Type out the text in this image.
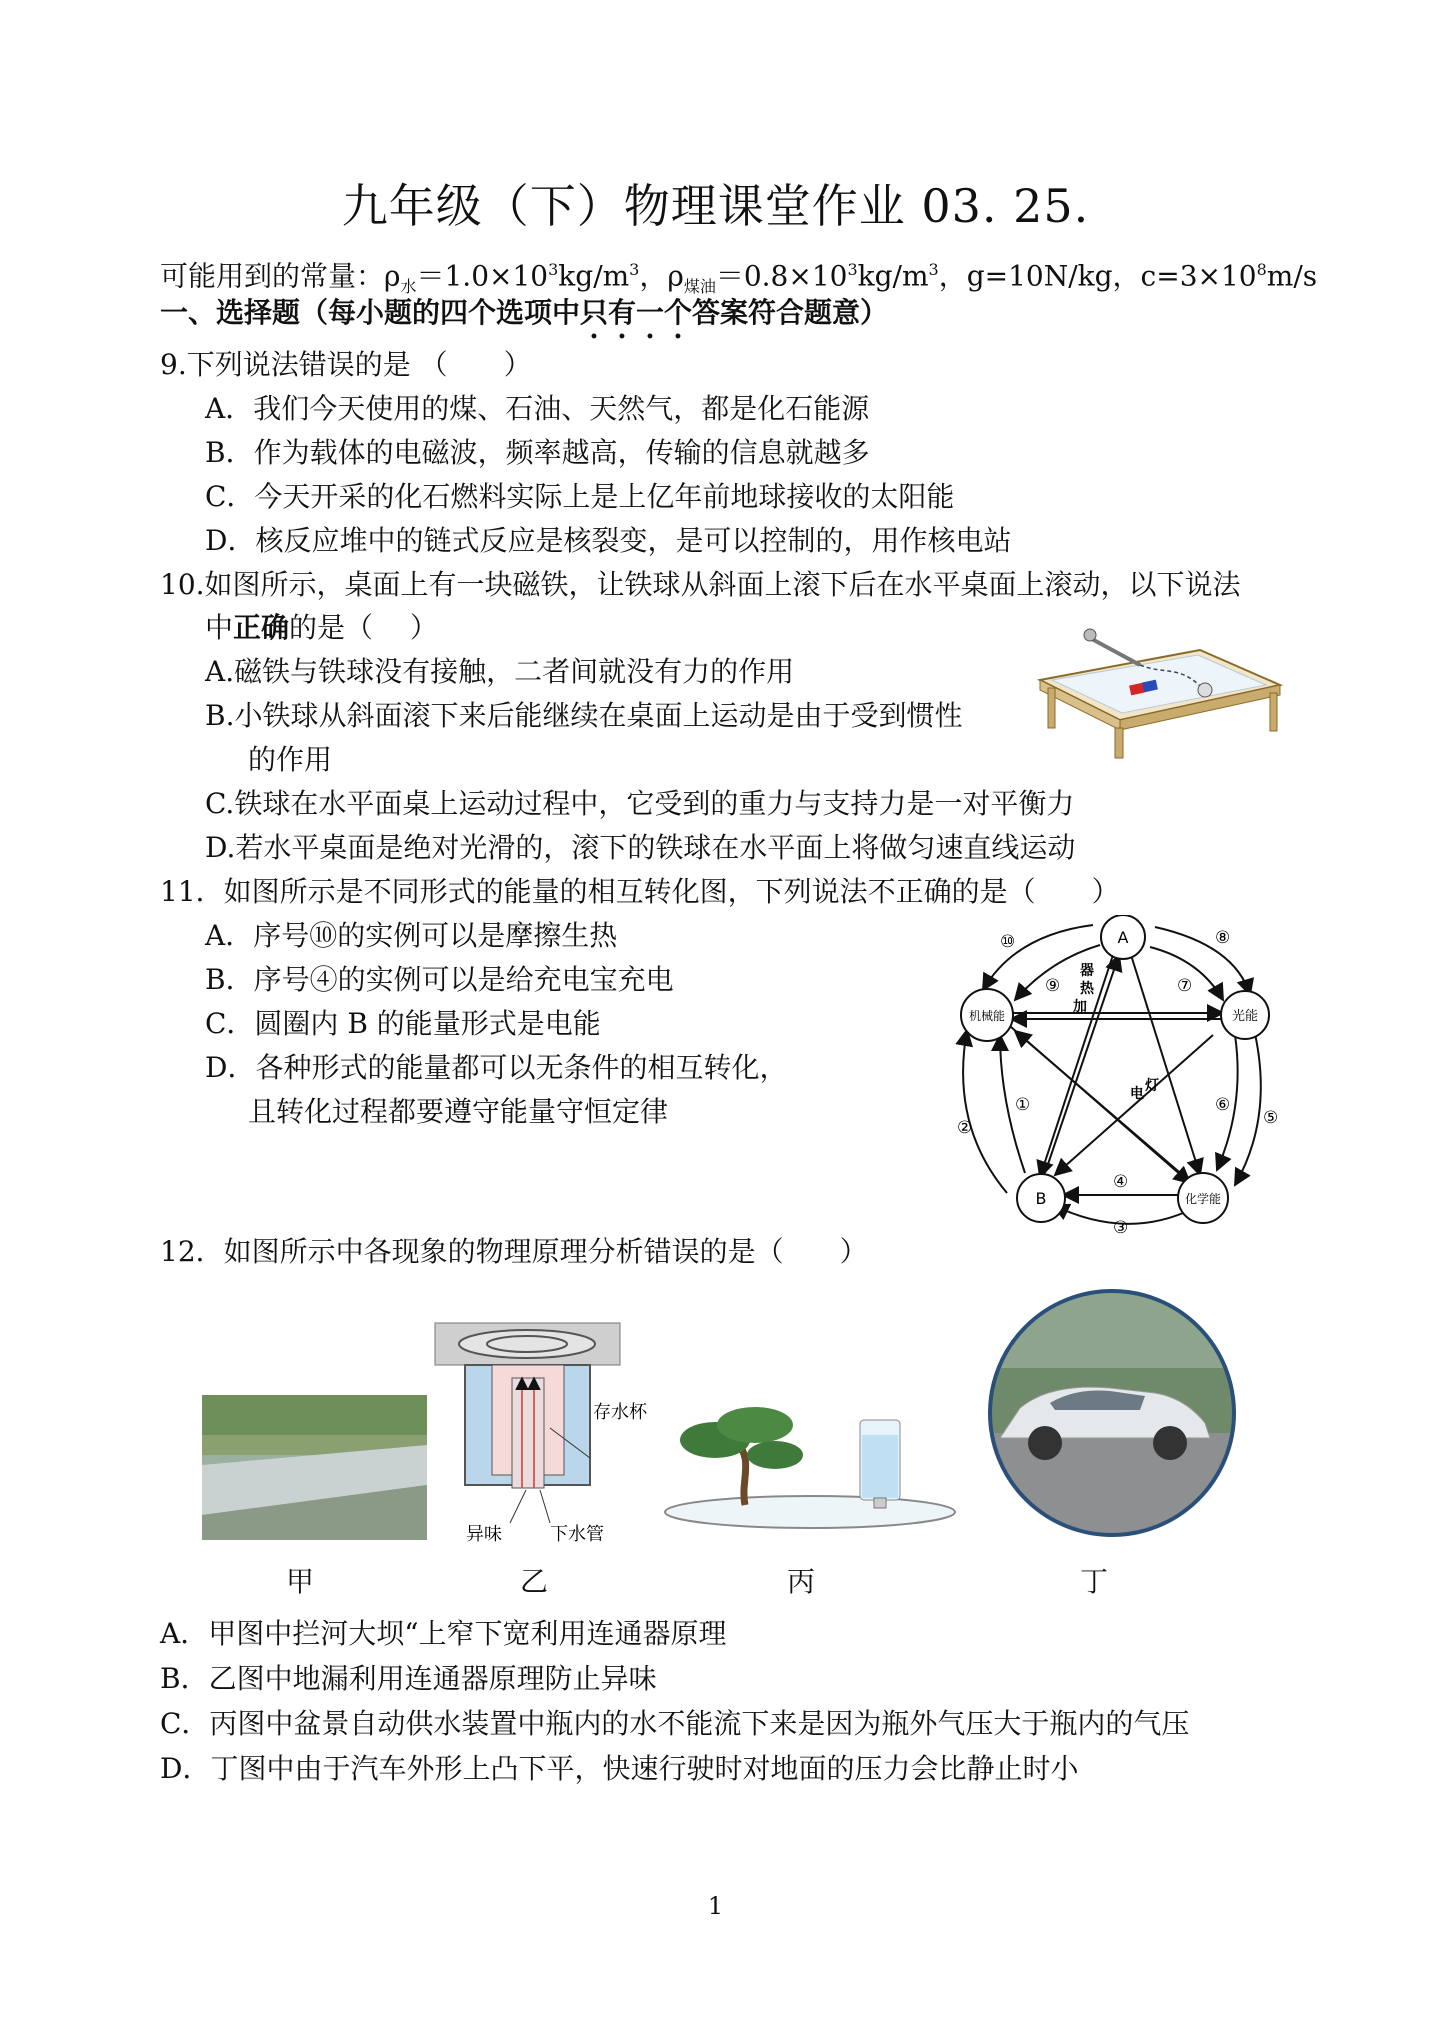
九年级（下）物理课堂作业 03. 25.
可能用到的常量：$\rho_水=1.0\times 10^3kg/m^3$，$\rho_{煤油}=0.8\times 10^3kg/m^3$，g=10N/kg，$c=3\times 10^8m/s$
一、选择题（每小题的四个选项中只有一个答案符合题意）
9.下列说法错误的是 （　　）
A．我们今天使用的煤、石油、天然气，都是化石能源
B．作为载体的电磁波，频率越高，传输的信息就越多
C．今天开采的化石燃料实际上是上亿年前地球接收的太阳能
D．核反应堆中的链式反应是核裂变，是可以控制的，用作核电站
10.如图所示，桌面上有一块磁铁，让铁球从斜面上滚下后在水平桌面上滚动，以下说法
中正确的是（　 ）
A.磁铁与铁球没有接触，二者间就没有力的作用
B.小铁球从斜面滚下来后能继续在桌面上运动是由于受到惯性
的作用
C.铁球在水平面桌上运动过程中，它受到的重力与支持力是一对平衡力
D.若水平桌面是绝对光滑的，滚下的铁球在水平面上将做匀速直线运动
11．如图所示是不同形式的能量的相互转化图，下列说法不正确的是（　　）
A．序号⑩的实例可以是摩擦生热
B．序号④的实例可以是给充电宝充电
C．圆圈内 B 的能量形式是电能
D．各种形式的能量都可以无条件的相互转化，
且转化过程都要遵守能量守恒定律
A
光能
化学能
B
机械能
器
热
加
灯
电
⑩	⑧
⑨	⑦
①
②
⑥
⑤
④
③
12．如图所示中各现象的物理原理分析错误的是（　　）
存水杯
异味	下水管
甲	乙	丙	丁
A．甲图中拦河大坝“上窄下宽利用连通器原理
B．乙图中地漏利用连通器原理防止异味
C．丙图中盆景自动供水装置中瓶内的水不能流下来是因为瓶外气压大于瓶内的气压
D．丁图中由于汽车外形上凸下平，快速行驶时对地面的压力会比静止时小
1
